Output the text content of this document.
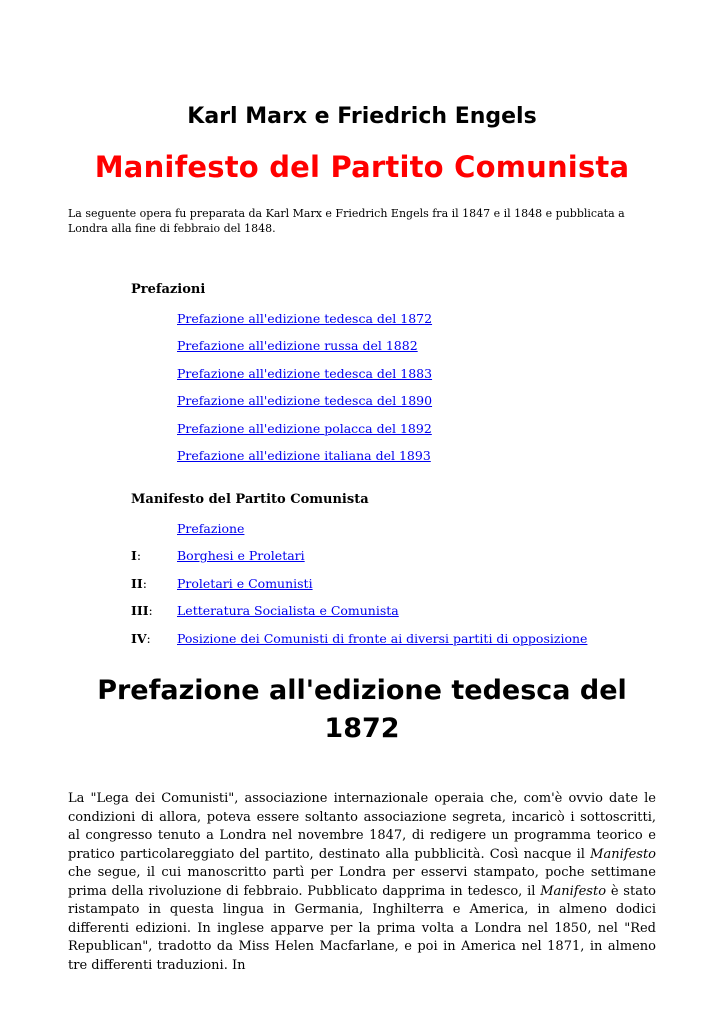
Karl Marx e Friedrich Engels
Manifesto del Partito Comunista
La seguente opera fu preparata da Karl Marx e Friedrich Engels fra il 1847 e il 1848 e pubblicata a Londra alla fine di febbraio del 1848.
Prefazioni
Prefazione all'edizione tedesca del 1872
Prefazione all'edizione russa del 1882
Prefazione all'edizione tedesca del 1883
Prefazione all'edizione tedesca del 1890
Prefazione all'edizione polacca del 1892
Prefazione all'edizione italiana del 1893
Manifesto del Partito Comunista
Prefazione
I:	Borghesi e Proletari
II: Proletari e Comunisti
III: Letteratura Socialista e Comunista
IV: Posizione dei Comunisti di fronte ai diversi partiti di opposizione
Prefazione all'edizione tedesca del
1872
La "Lega dei Comunisti", associazione internazionale operaia che, com'è ovvio date le condizioni di allora, poteva essere soltanto associazione segreta, incaricò i sottoscritti, al congresso tenuto a Londra nel novembre 1847, di redigere un programma teorico e pratico particolareggiato del partito, destinato alla pubblicità. Così nacque il Manifesto che segue, il cui manoscritto partì per Londra per esservi stampato, poche settimane prima della rivoluzione di febbraio. Pubblicato dapprima in tedesco, il Manifesto è stato ristampato in questa lingua in Germania, Inghilterra e America, in almeno dodici differenti edizioni. In inglese apparve per la prima volta a Londra nel 1850, nel "Red Republican", tradotto da Miss Helen Macfarlane, e poi in America nel 1871, in almeno tre differenti traduzioni. In
